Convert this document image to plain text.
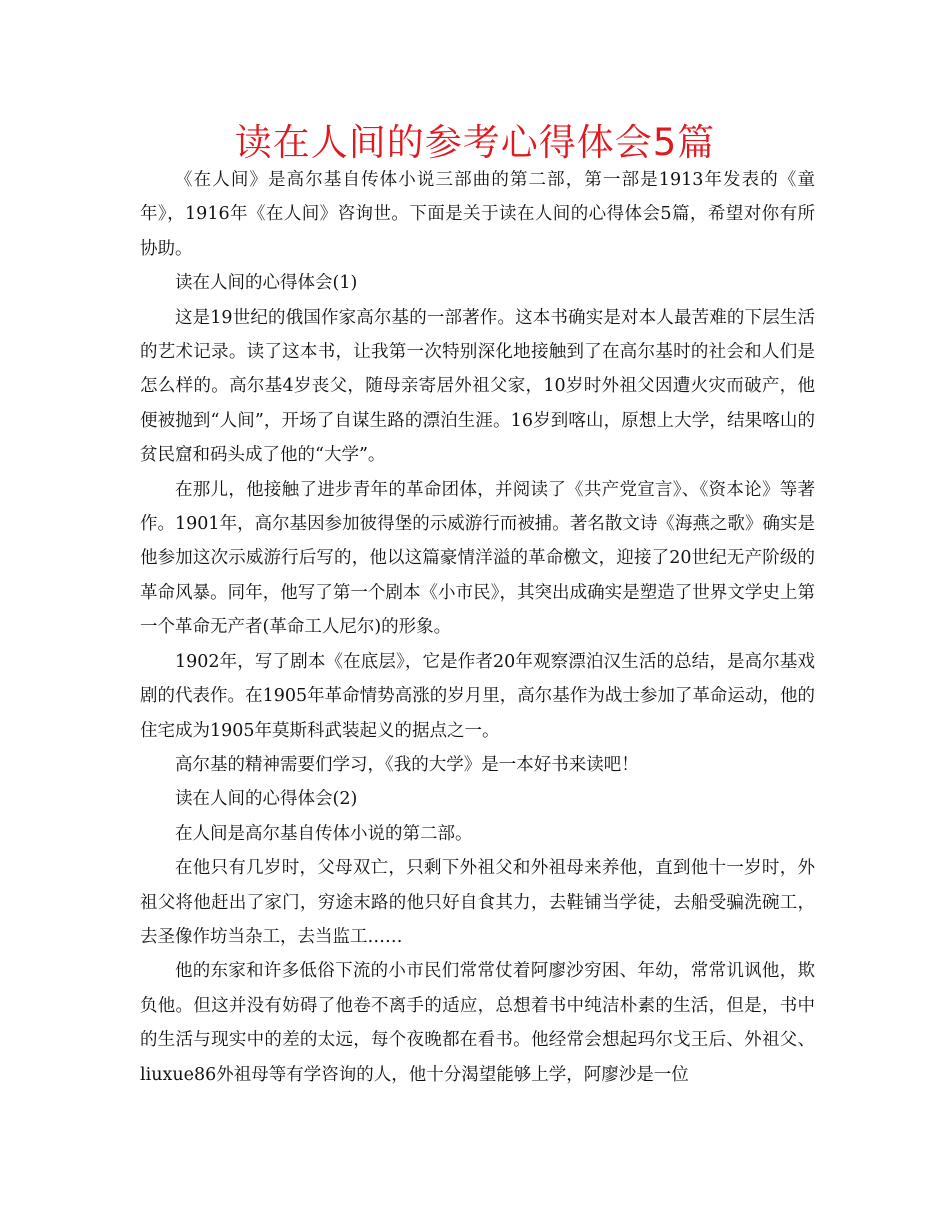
读在人间的参考心得体会5篇

《在人间》是高尔基自传体小说三部曲的第二部，第一部是1913年发表的《童年》，1916年《在人间》咨询世。下面是关于读在人间的心得体会5篇，希望对你有所协助。

读在人间的心得体会(1)

这是19世纪的俄国作家高尔基的一部著作。这本书确实是对本人最苦难的下层生活的艺术记录。读了这本书，让我第一次特别深化地接触到了在高尔基时的社会和人们是怎么样的。高尔基4岁丧父，随母亲寄居外祖父家，10岁时外祖父因遭火灾而破产，他便被抛到“人间”，开场了自谋生路的漂泊生涯。16岁到喀山，原想上大学，结果喀山的贫民窟和码头成了他的“大学”。

在那儿，他接触了进步青年的革命团体，并阅读了《共产党宣言》、《资本论》等著作。1901年，高尔基因参加彼得堡的示威游行而被捕。著名散文诗《海燕之歌》确实是他参加这次示威游行后写的，他以这篇豪情洋溢的革命檄文，迎接了20世纪无产阶级的革命风暴。同年，他写了第一个剧本《小市民》，其突出成确实是塑造了世界文学史上第一个革命无产者(革命工人尼尔)的形象。

1902年，写了剧本《在底层》，它是作者20年观察漂泊汉生活的总结，是高尔基戏剧的代表作。在1905年革命情势高涨的岁月里，高尔基作为战士参加了革命运动，他的住宅成为1905年莫斯科武装起义的据点之一。

高尔基的精神需要们学习，《我的大学》是一本好书来读吧！

读在人间的心得体会(2)

在人间是高尔基自传体小说的第二部。

在他只有几岁时，父母双亡，只剩下外祖父和外祖母来养他，直到他十一岁时，外祖父将他赶出了家门，穷途末路的他只好自食其力，去鞋铺当学徒，去船受骗洗碗工，去圣像作坊当杂工，去当监工……

他的东家和许多低俗下流的小市民们常常仗着阿廖沙穷困、年幼，常常讥讽他，欺负他。但这并没有妨碍了他卷不离手的适应，总想着书中纯洁朴素的生活，但是，书中的生活与现实中的差的太远，每个夜晚都在看书。他经常会想起玛尔戈王后、外祖父、liuxue86外祖母等有学咨询的人，他十分渴望能够上学，阿廖沙是一位
